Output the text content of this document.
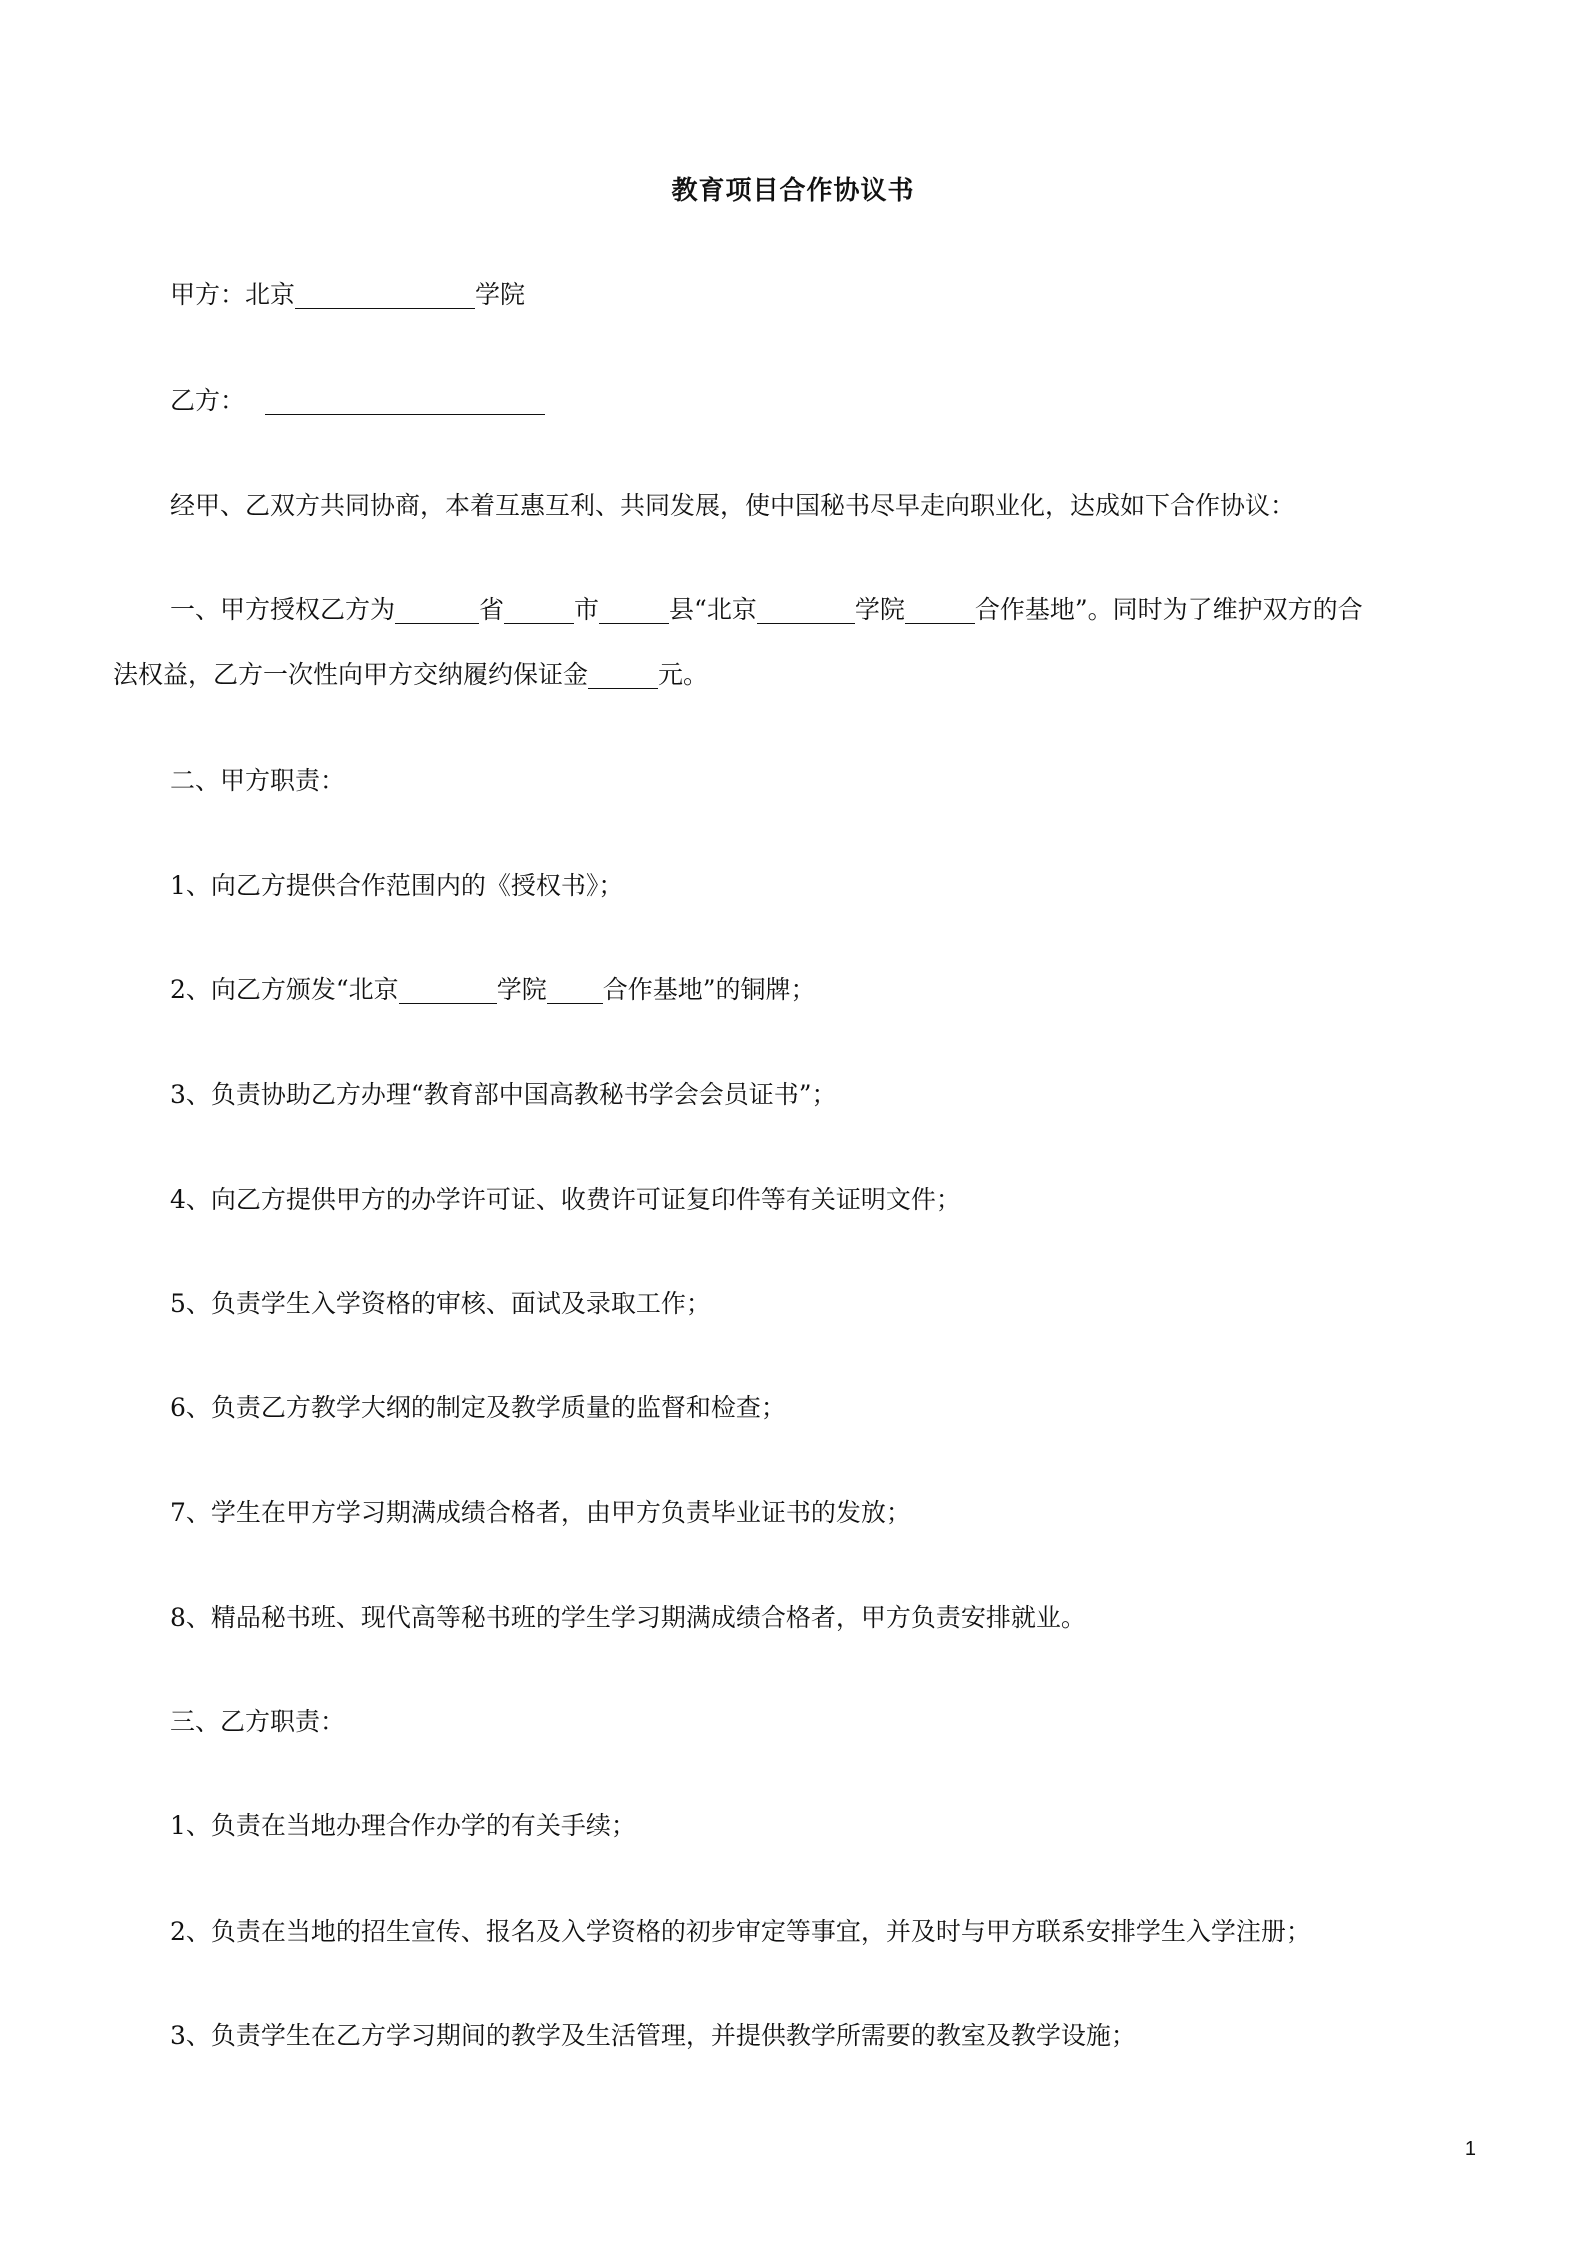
教育项目合作协议书
甲方：北京	学院
乙方：
经甲、乙双方共同协商，本着互惠互利、共同发展，使中国秘书尽早走向职业化，达成如下合作协议：
一、甲方授权乙方为	省	市	县“北京	学院	合作基地”。同时为了维护双方的合
法权益，乙方一次性向甲方交纳履约保证金	元。
二、甲方职责：
1、向乙方提供合作范围内的《授权书》；
2、向乙方颁发“北京	学院 合作基地”的铜牌；
3、负责协助乙方办理“教育部中国高教秘书学会会员证书”；
4、向乙方提供甲方的办学许可证、收费许可证复印件等有关证明文件；
5、负责学生入学资格的审核、面试及录取工作；
6、负责乙方教学大纲的制定及教学质量的监督和检查；
7、学生在甲方学习期满成绩合格者，由甲方负责毕业证书的发放；
8、精品秘书班、现代高等秘书班的学生学习期满成绩合格者，甲方负责安排就业。
三、乙方职责：
1、负责在当地办理合作办学的有关手续；
2、负责在当地的招生宣传、报名及入学资格的初步审定等事宜，并及时与甲方联系安排学生入学注册；
3、负责学生在乙方学习期间的教学及生活管理，并提供教学所需要的教室及教学设施；
1
